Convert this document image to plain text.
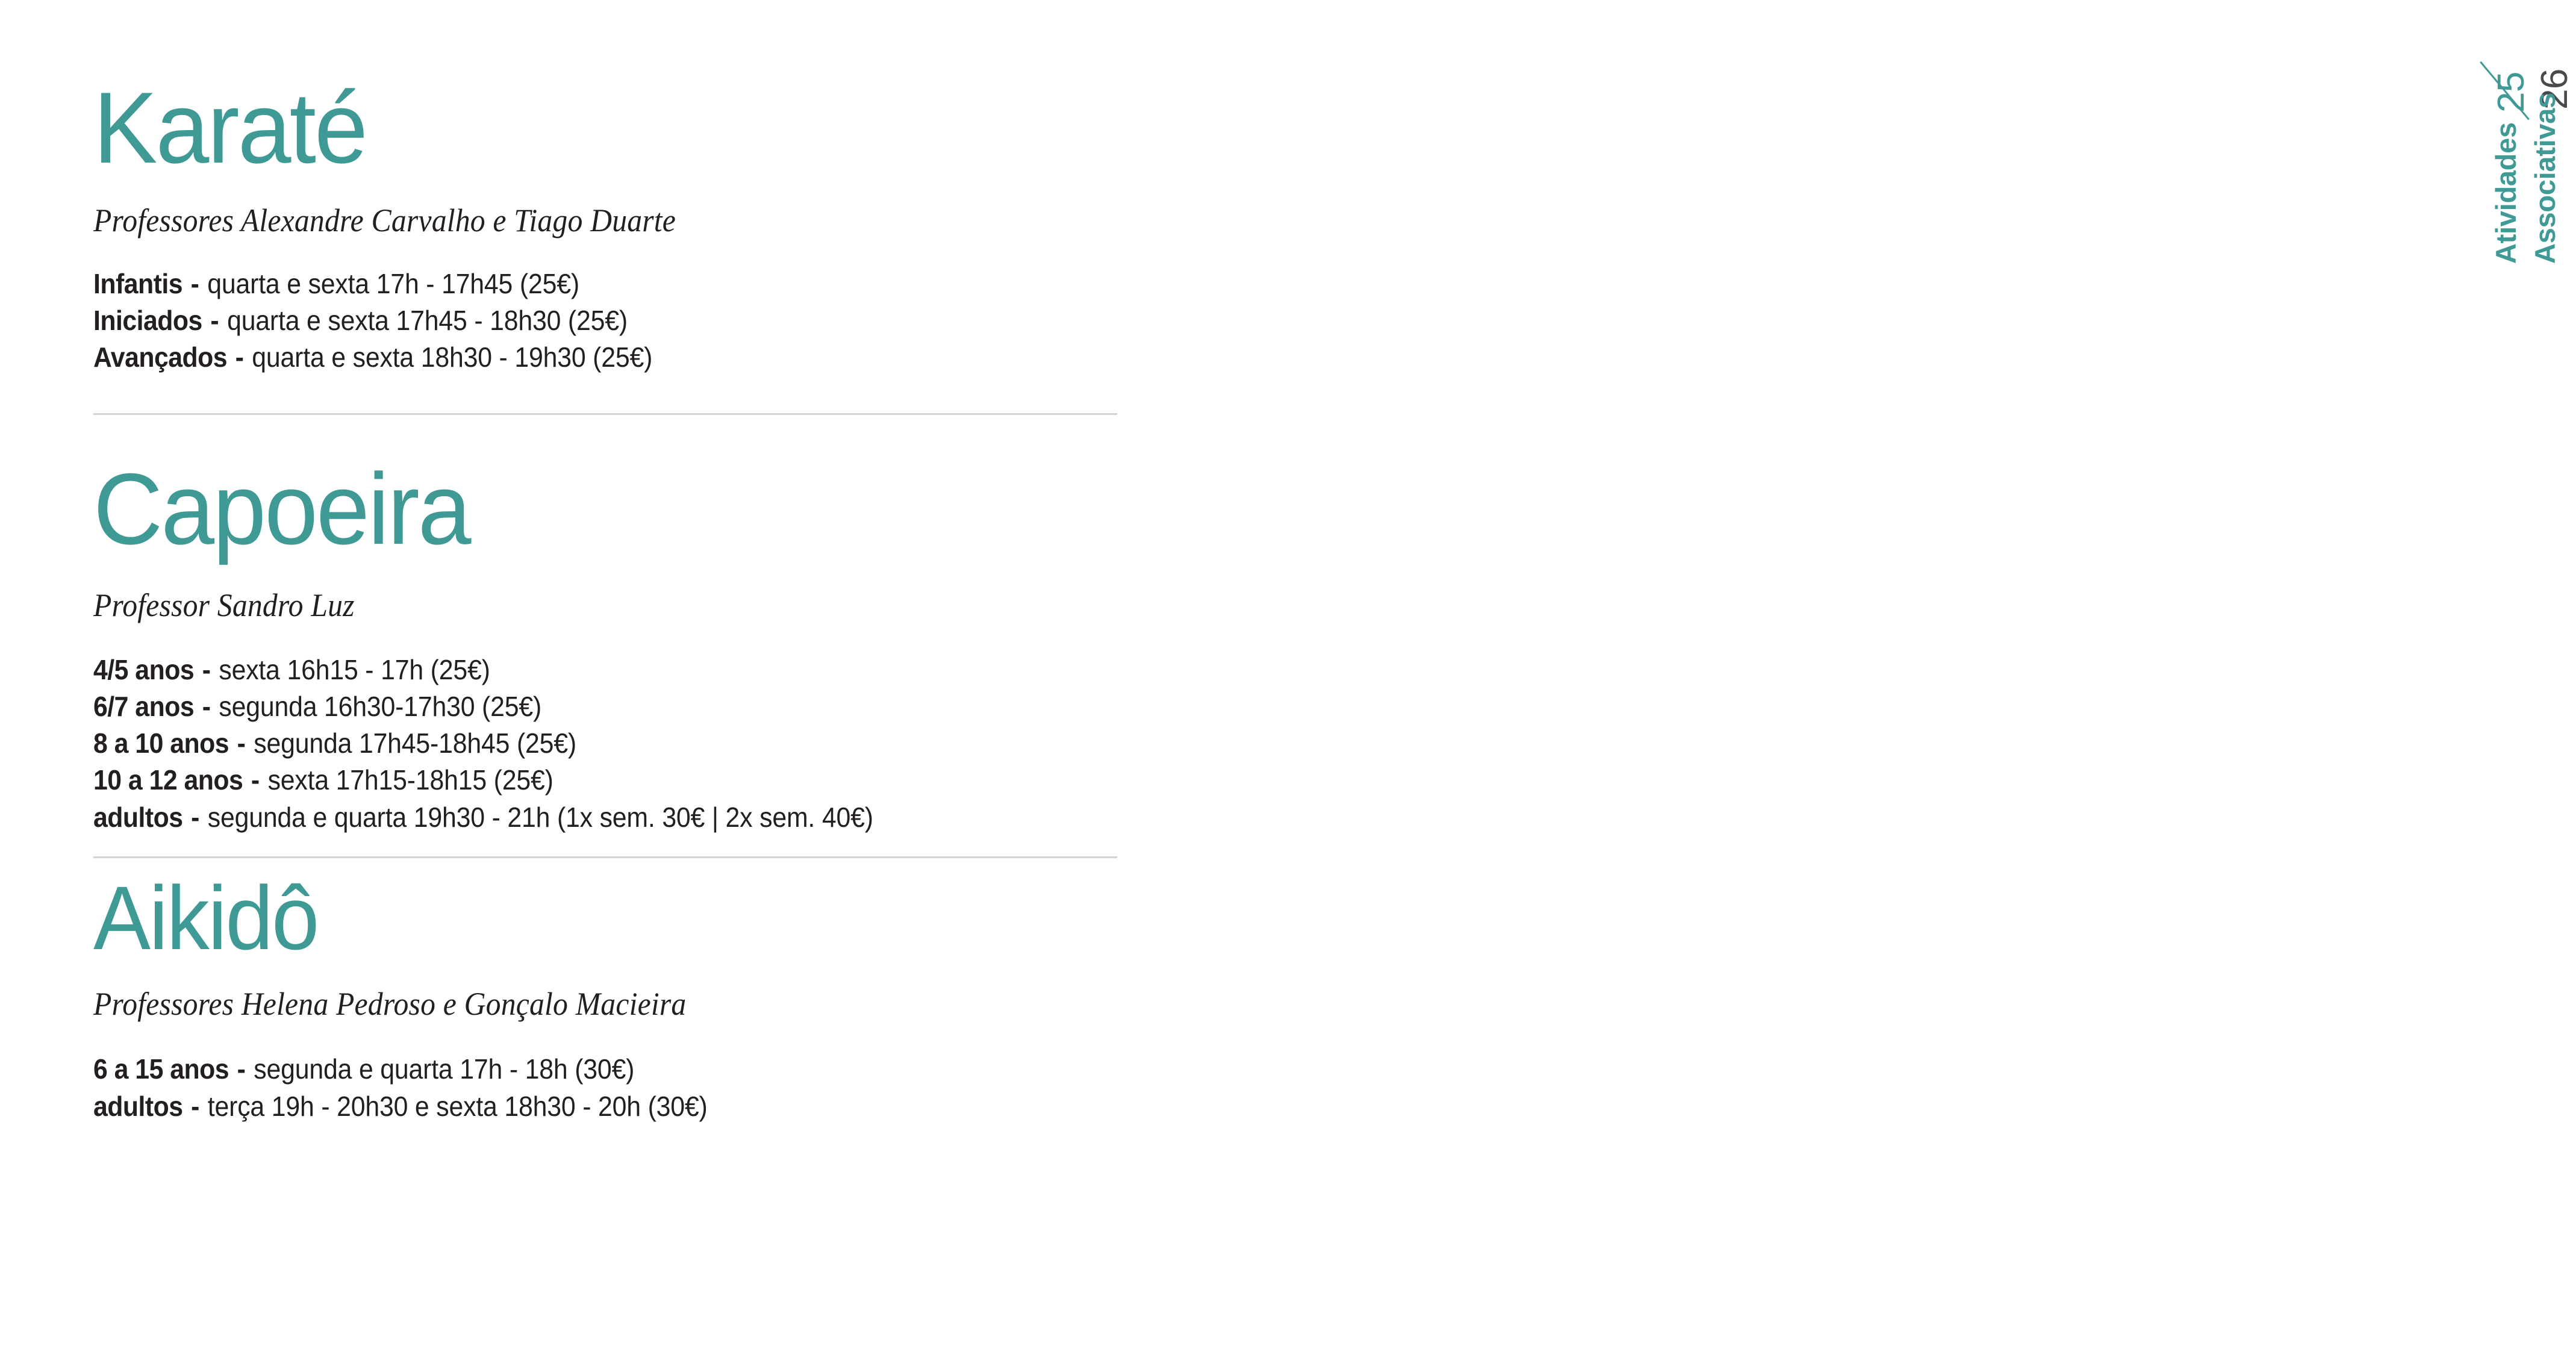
Karaté

Professores Alexandre Carvalho e Tiago Duarte

Infantis - quarta e sexta 17h - 17h45 (25€)
Iniciados - quarta e sexta 17h45 - 18h30 (25€)
Avançados - quarta e sexta 18h30 - 19h30 (25€)
Capoeira

Professor Sandro Luz

4/5 anos - sexta 16h15 - 17h (25€)
6/7 anos - segunda 16h30-17h30 (25€)
8 a 10 anos - segunda 17h45-18h45 (25€)
10 a 12 anos - sexta 17h15-18h15 (25€)
adultos - segunda e quarta 19h30 - 21h (1x sem. 30€ | 2x sem. 40€)
Aikidô

Professores Helena Pedroso e Gonçalo Macieira

6 a 15 anos - segunda e quarta 17h - 18h (30€)
adultos - terça 19h - 20h30 e sexta 18h30 - 20h (30€)
25 26
Atividades Associativas
